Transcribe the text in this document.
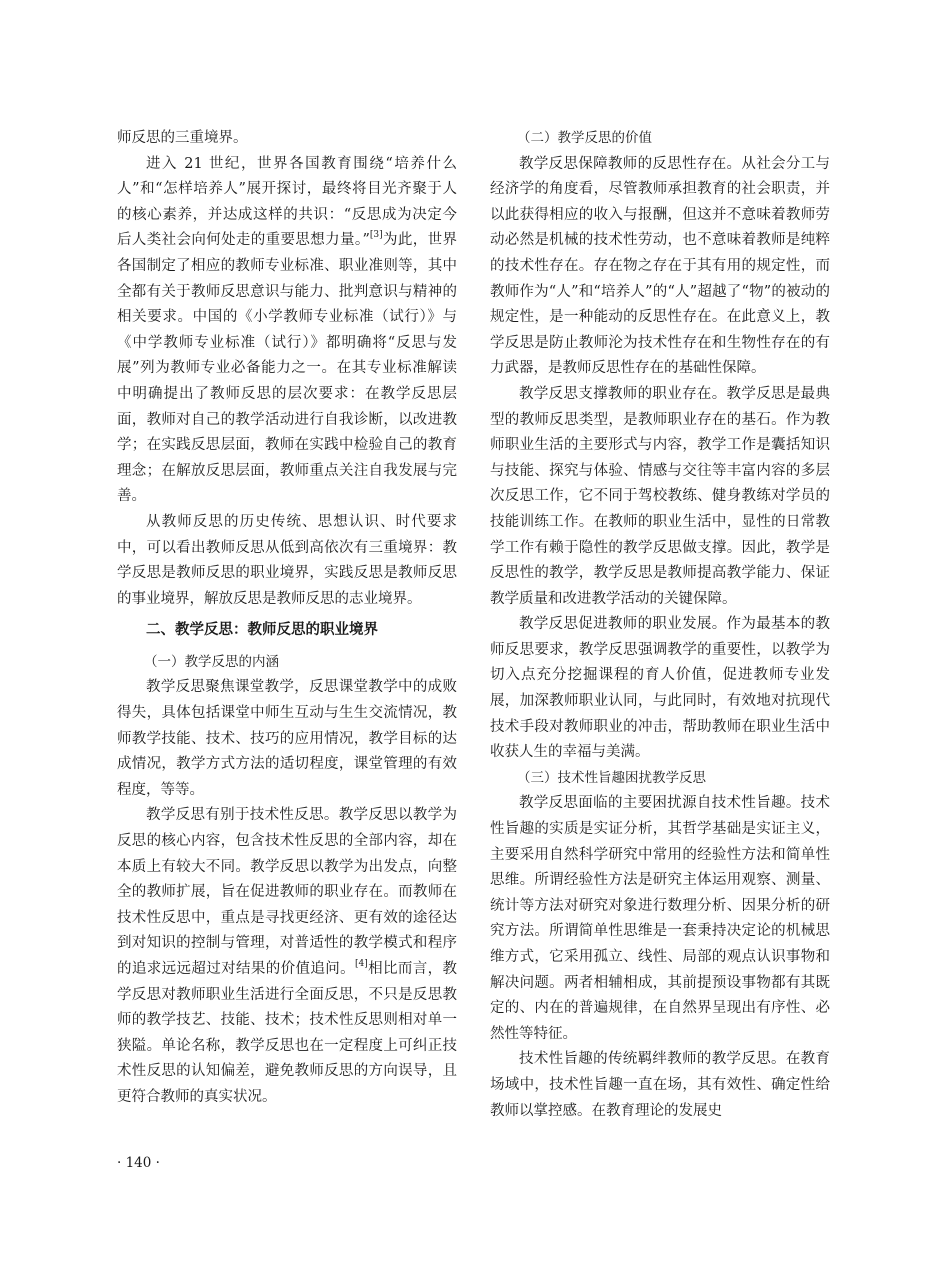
师反思的三重境界。

进入 21 世纪，世界各国教育围绕“培养什么人”和“怎样培养人”展开探讨，最终将目光齐聚于人的核心素养，并达成这样的共识：“反思成为决定今后人类社会向何处走的重要思想力量。”[3]为此，世界各国制定了相应的教师专业标准、职业准则等，其中全都有关于教师反思意识与能力、批判意识与精神的相关要求。中国的《小学教师专业标准（试行）》与《中学教师专业标准（试行）》都明确将“反思与发展”列为教师专业必备能力之一。在其专业标准解读中明确提出了教师反思的层次要求：在教学反思层面，教师对自己的教学活动进行自我诊断，以改进教学；在实践反思层面，教师在实践中检验自己的教育理念；在解放反思层面，教师重点关注自我发展与完善。

从教师反思的历史传统、思想认识、时代要求中，可以看出教师反思从低到高依次有三重境界：教学反思是教师反思的职业境界，实践反思是教师反思的事业境界，解放反思是教师反思的志业境界。

二、教学反思：教师反思的职业境界

（一）教学反思的内涵

教学反思聚焦课堂教学，反思课堂教学中的成败得失，具体包括课堂中师生互动与生生交流情况，教师教学技能、技术、技巧的应用情况，教学目标的达成情况，教学方式方法的适切程度，课堂管理的有效程度，等等。

教学反思有别于技术性反思。教学反思以教学为反思的核心内容，包含技术性反思的全部内容，却在本质上有较大不同。教学反思以教学为出发点，向整全的教师扩展，旨在促进教师的职业存在。而教师在技术性反思中，重点是寻找更经济、更有效的途径达到对知识的控制与管理，对普适性的教学模式和程序的追求远远超过对结果的价值追问。[4]相比而言，教学反思对教师职业生活进行全面反思，不只是反思教师的教学技艺、技能、技术；技术性反思则相对单一狭隘。单论名称，教学反思也在一定程度上可纠正技术性反思的认知偏差，避免教师反思的方向误导，且更符合教师的真实状况。

（二）教学反思的价值

教学反思保障教师的反思性存在。从社会分工与经济学的角度看，尽管教师承担教育的社会职责，并以此获得相应的收入与报酬，但这并不意味着教师劳动必然是机械的技术性劳动，也不意味着教师是纯粹的技术性存在。存在物之存在于其有用的规定性，而教师作为“人”和“培养人”的“人”超越了“物”的被动的规定性，是一种能动的反思性存在。在此意义上，教学反思是防止教师沦为技术性存在和生物性存在的有力武器，是教师反思性存在的基础性保障。

教学反思支撑教师的职业存在。教学反思是最典型的教师反思类型，是教师职业存在的基石。作为教师职业生活的主要形式与内容，教学工作是囊括知识与技能、探究与体验、情感与交往等丰富内容的多层次反思工作，它不同于驾校教练、健身教练对学员的技能训练工作。在教师的职业生活中，显性的日常教学工作有赖于隐性的教学反思做支撑。因此，教学是反思性的教学，教学反思是教师提高教学能力、保证教学质量和改进教学活动的关键保障。

教学反思促进教师的职业发展。作为最基本的教师反思要求，教学反思强调教学的重要性，以教学为切入点充分挖掘课程的育人价值，促进教师专业发展，加深教师职业认同，与此同时，有效地对抗现代技术手段对教师职业的冲击，帮助教师在职业生活中收获人生的幸福与美满。

（三）技术性旨趣困扰教学反思

教学反思面临的主要困扰源自技术性旨趣。技术性旨趣的实质是实证分析，其哲学基础是实证主义，主要采用自然科学研究中常用的经验性方法和简单性思维。所谓经验性方法是研究主体运用观察、测量、统计等方法对研究对象进行数理分析、因果分析的研究方法。所谓简单性思维是一套秉持决定论的机械思维方式，它采用孤立、线性、局部的观点认识事物和解决问题。两者相辅相成，其前提预设事物都有其既定的、内在的普遍规律，在自然界呈现出有序性、必然性等特征。

技术性旨趣的传统羁绊教师的教学反思。在教育场域中，技术性旨趣一直在场，其有效性、确定性给教师以掌控感。在教育理论的发展史

· 140 ·
